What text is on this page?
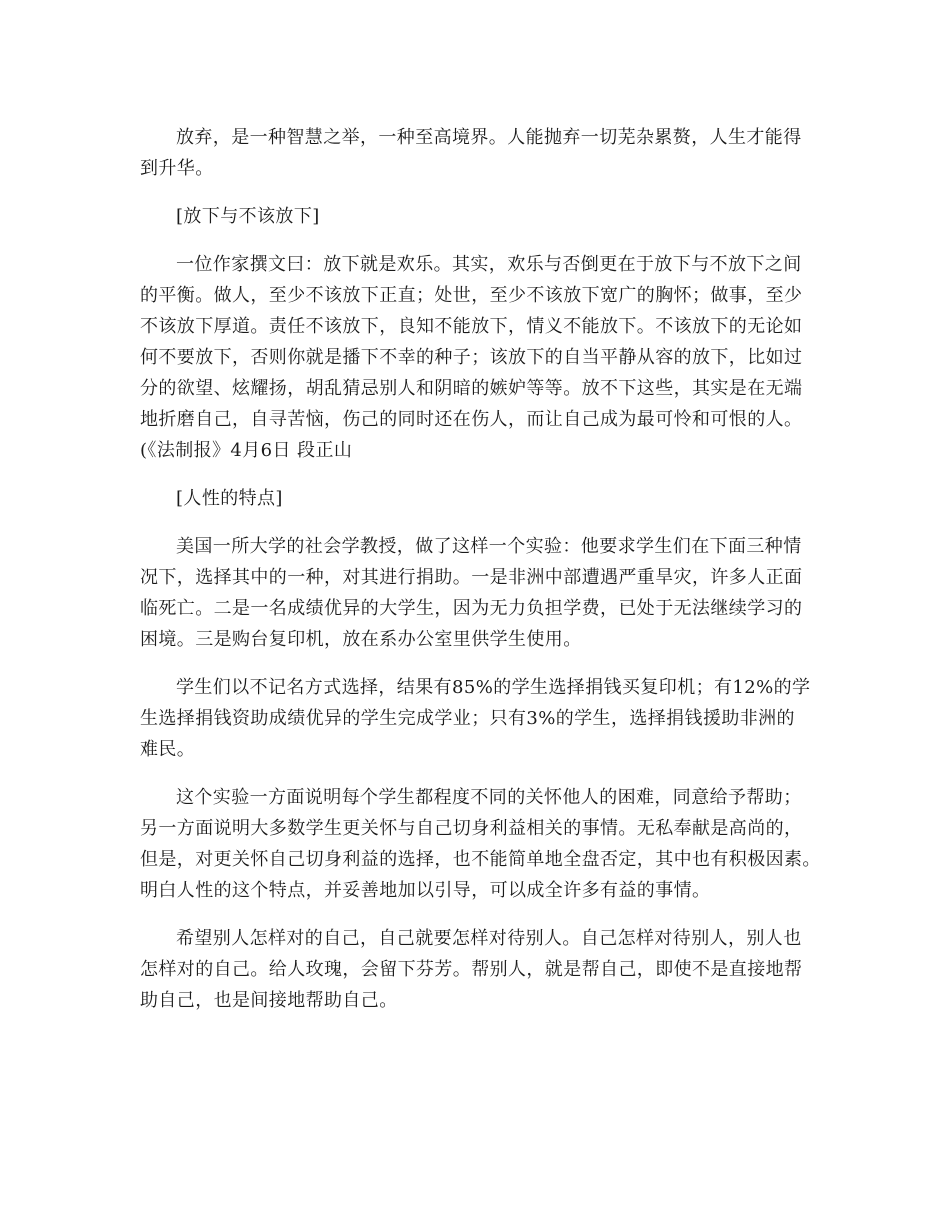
放弃，是一种智慧之举，一种至高境界。人能抛弃一切芜杂累赘，人生才能得
到升华。
[放下与不该放下]
一位作家撰文曰：放下就是欢乐。其实，欢乐与否倒更在于放下与不放下之间
的平衡。做人，至少不该放下正直；处世，至少不该放下宽广的胸怀；做事，至少
不该放下厚道。责任不该放下，良知不能放下，情义不能放下。不该放下的无论如
何不要放下，否则你就是播下不幸的种子；该放下的自当平静从容的放下，比如过
分的欲望、炫耀扬，胡乱猜忌别人和阴暗的嫉妒等等。放不下这些，其实是在无端
地折磨自己，自寻苦恼，伤己的同时还在伤人，而让自己成为最可怜和可恨的人。
(《法制报》4月6日 段正山
[人性的特点]
美国一所大学的社会学教授，做了这样一个实验：他要求学生们在下面三种情
况下，选择其中的一种，对其进行捐助。一是非洲中部遭遇严重旱灾，许多人正面
临死亡。二是一名成绩优异的大学生，因为无力负担学费，已处于无法继续学习的
困境。三是购台复印机，放在系办公室里供学生使用。
学生们以不记名方式选择，结果有85%的学生选择捐钱买复印机；有12%的学
生选择捐钱资助成绩优异的学生完成学业；只有3%的学生，选择捐钱援助非洲的
难民。
这个实验一方面说明每个学生都程度不同的关怀他人的困难，同意给予帮助；
另一方面说明大多数学生更关怀与自己切身利益相关的事情。无私奉献是高尚的，
但是，对更关怀自己切身利益的选择，也不能简单地全盘否定，其中也有积极因素。
明白人性的这个特点，并妥善地加以引导，可以成全许多有益的事情。
希望别人怎样对的自己，自己就要怎样对待别人。自己怎样对待别人，别人也
怎样对的自己。给人玫瑰，会留下芬芳。帮别人，就是帮自己，即使不是直接地帮
助自己，也是间接地帮助自己。
